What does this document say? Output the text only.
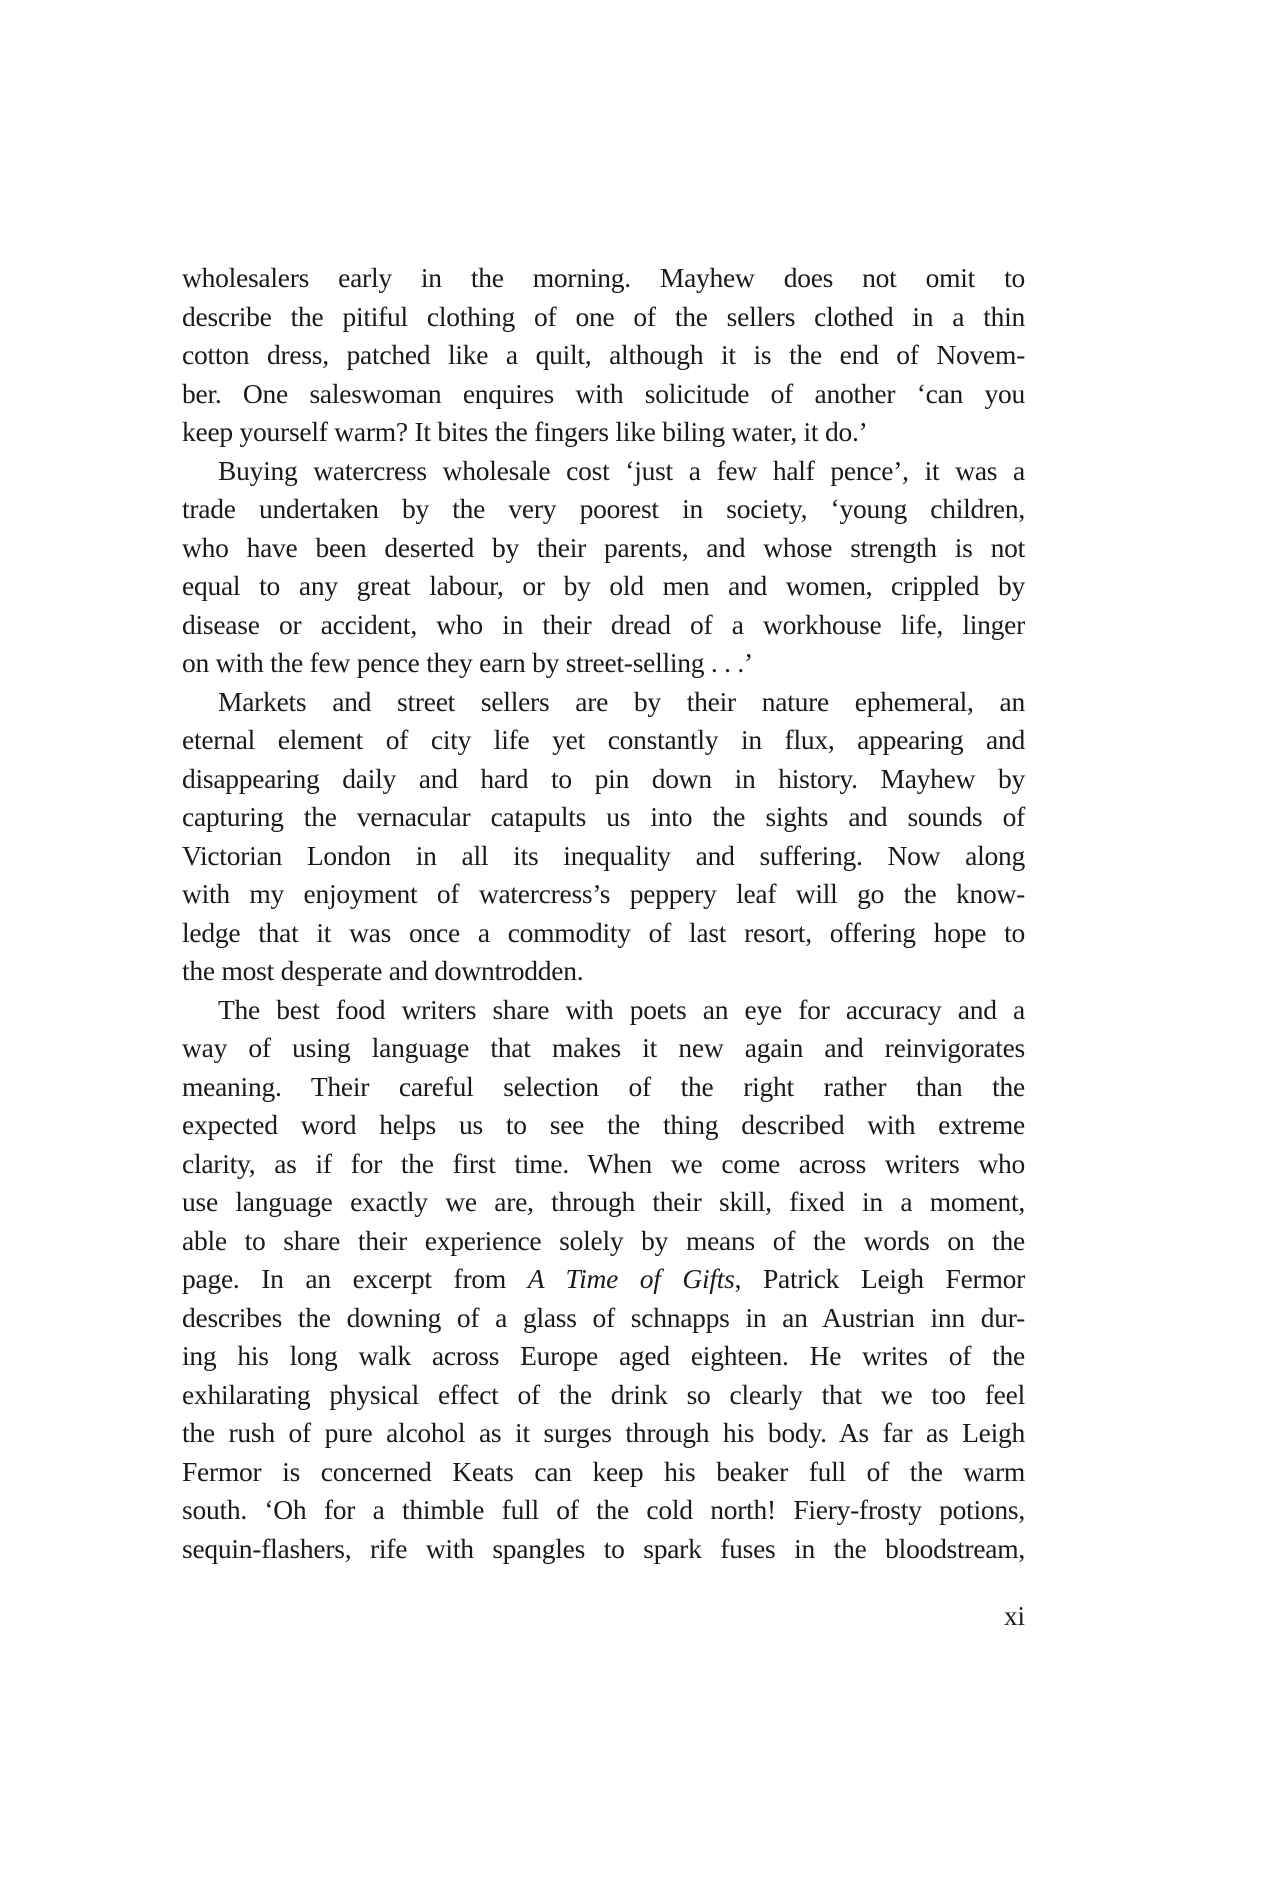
wholesalers early in the morning. Mayhew does not omit to
describe the pitiful clothing of one of the sellers clothed in a thin
cotton dress, patched like a quilt, although it is the end of Novem-
ber. One saleswoman enquires with solicitude of another ‘can you
keep yourself warm? It bites the fingers like biling water, it do.’
Buying watercress wholesale cost ‘just a few half pence’, it was a
trade undertaken by the very poorest in society, ‘young children,
who have been deserted by their parents, and whose strength is not
equal to any great labour, or by old men and women, crippled by
disease or accident, who in their dread of a workhouse life, linger
on with the few pence they earn by street-selling . . .’
Markets and street sellers are by their nature ephemeral, an
eternal element of city life yet constantly in flux, appearing and
disappearing daily and hard to pin down in history. Mayhew by
capturing the vernacular catapults us into the sights and sounds of
Victorian London in all its inequality and suffering. Now along
with my enjoyment of watercress’s peppery leaf will go the know-
ledge that it was once a commodity of last resort, offering hope to
the most desperate and downtrodden.
The best food writers share with poets an eye for accuracy and a
way of using language that makes it new again and reinvigorates
meaning. Their careful selection of the right rather than the
expected word helps us to see the thing described with extreme
clarity, as if for the first time. When we come across writers who
use language exactly we are, through their skill, fixed in a moment,
able to share their experience solely by means of the words on the
page. In an excerpt from A Time of Gifts, Patrick Leigh Fermor
describes the downing of a glass of schnapps in an Austrian inn dur-
ing his long walk across Europe aged eighteen. He writes of the
exhilarating physical effect of the drink so clearly that we too feel
the rush of pure alcohol as it surges through his body. As far as Leigh
Fermor is concerned Keats can keep his beaker full of the warm
south. ‘Oh for a thimble full of the cold north! Fiery-frosty potions,
sequin-flashers, rife with spangles to spark fuses in the bloodstream,
xi
